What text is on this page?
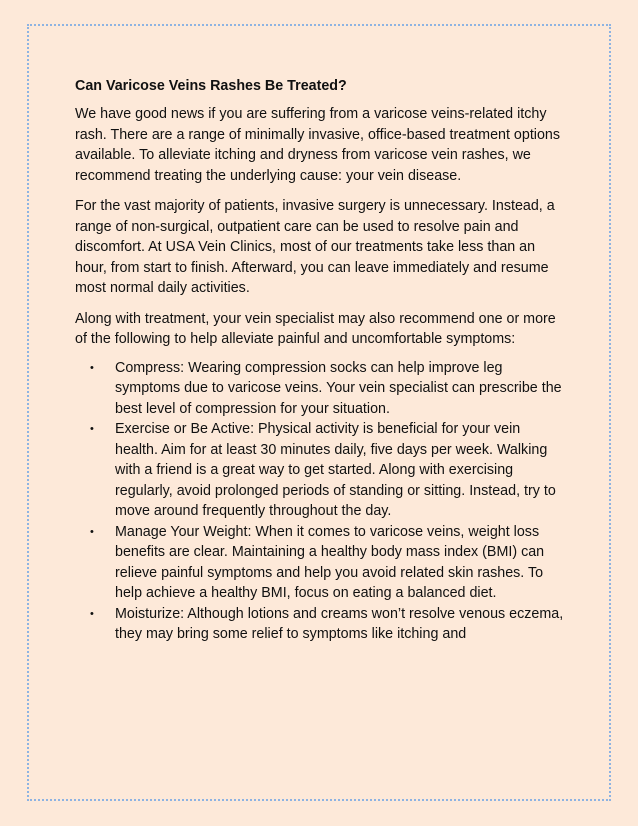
Can Varicose Veins Rashes Be Treated?

We have good news if you are suffering from a varicose veins-related itchy rash. There are a range of minimally invasive, office-based treatment options available. To alleviate itching and dryness from varicose vein rashes, we recommend treating the underlying cause: your vein disease.

For the vast majority of patients, invasive surgery is unnecessary. Instead, a range of non-surgical, outpatient care can be used to resolve pain and discomfort. At USA Vein Clinics, most of our treatments take less than an hour, from start to finish. Afterward, you can leave immediately and resume most normal daily activities.

Along with treatment, your vein specialist may also recommend one or more of the following to help alleviate painful and uncomfortable symptoms:

• Compress: Wearing compression socks can help improve leg symptoms due to varicose veins. Your vein specialist can prescribe the best level of compression for your situation.
• Exercise or Be Active: Physical activity is beneficial for your vein health. Aim for at least 30 minutes daily, five days per week. Walking with a friend is a great way to get started. Along with exercising regularly, avoid prolonged periods of standing or sitting. Instead, try to move around frequently throughout the day.
• Manage Your Weight: When it comes to varicose veins, weight loss benefits are clear. Maintaining a healthy body mass index (BMI) can relieve painful symptoms and help you avoid related skin rashes. To help achieve a healthy BMI, focus on eating a balanced diet.
• Moisturize: Although lotions and creams won’t resolve venous eczema, they may bring some relief to symptoms like itching and
